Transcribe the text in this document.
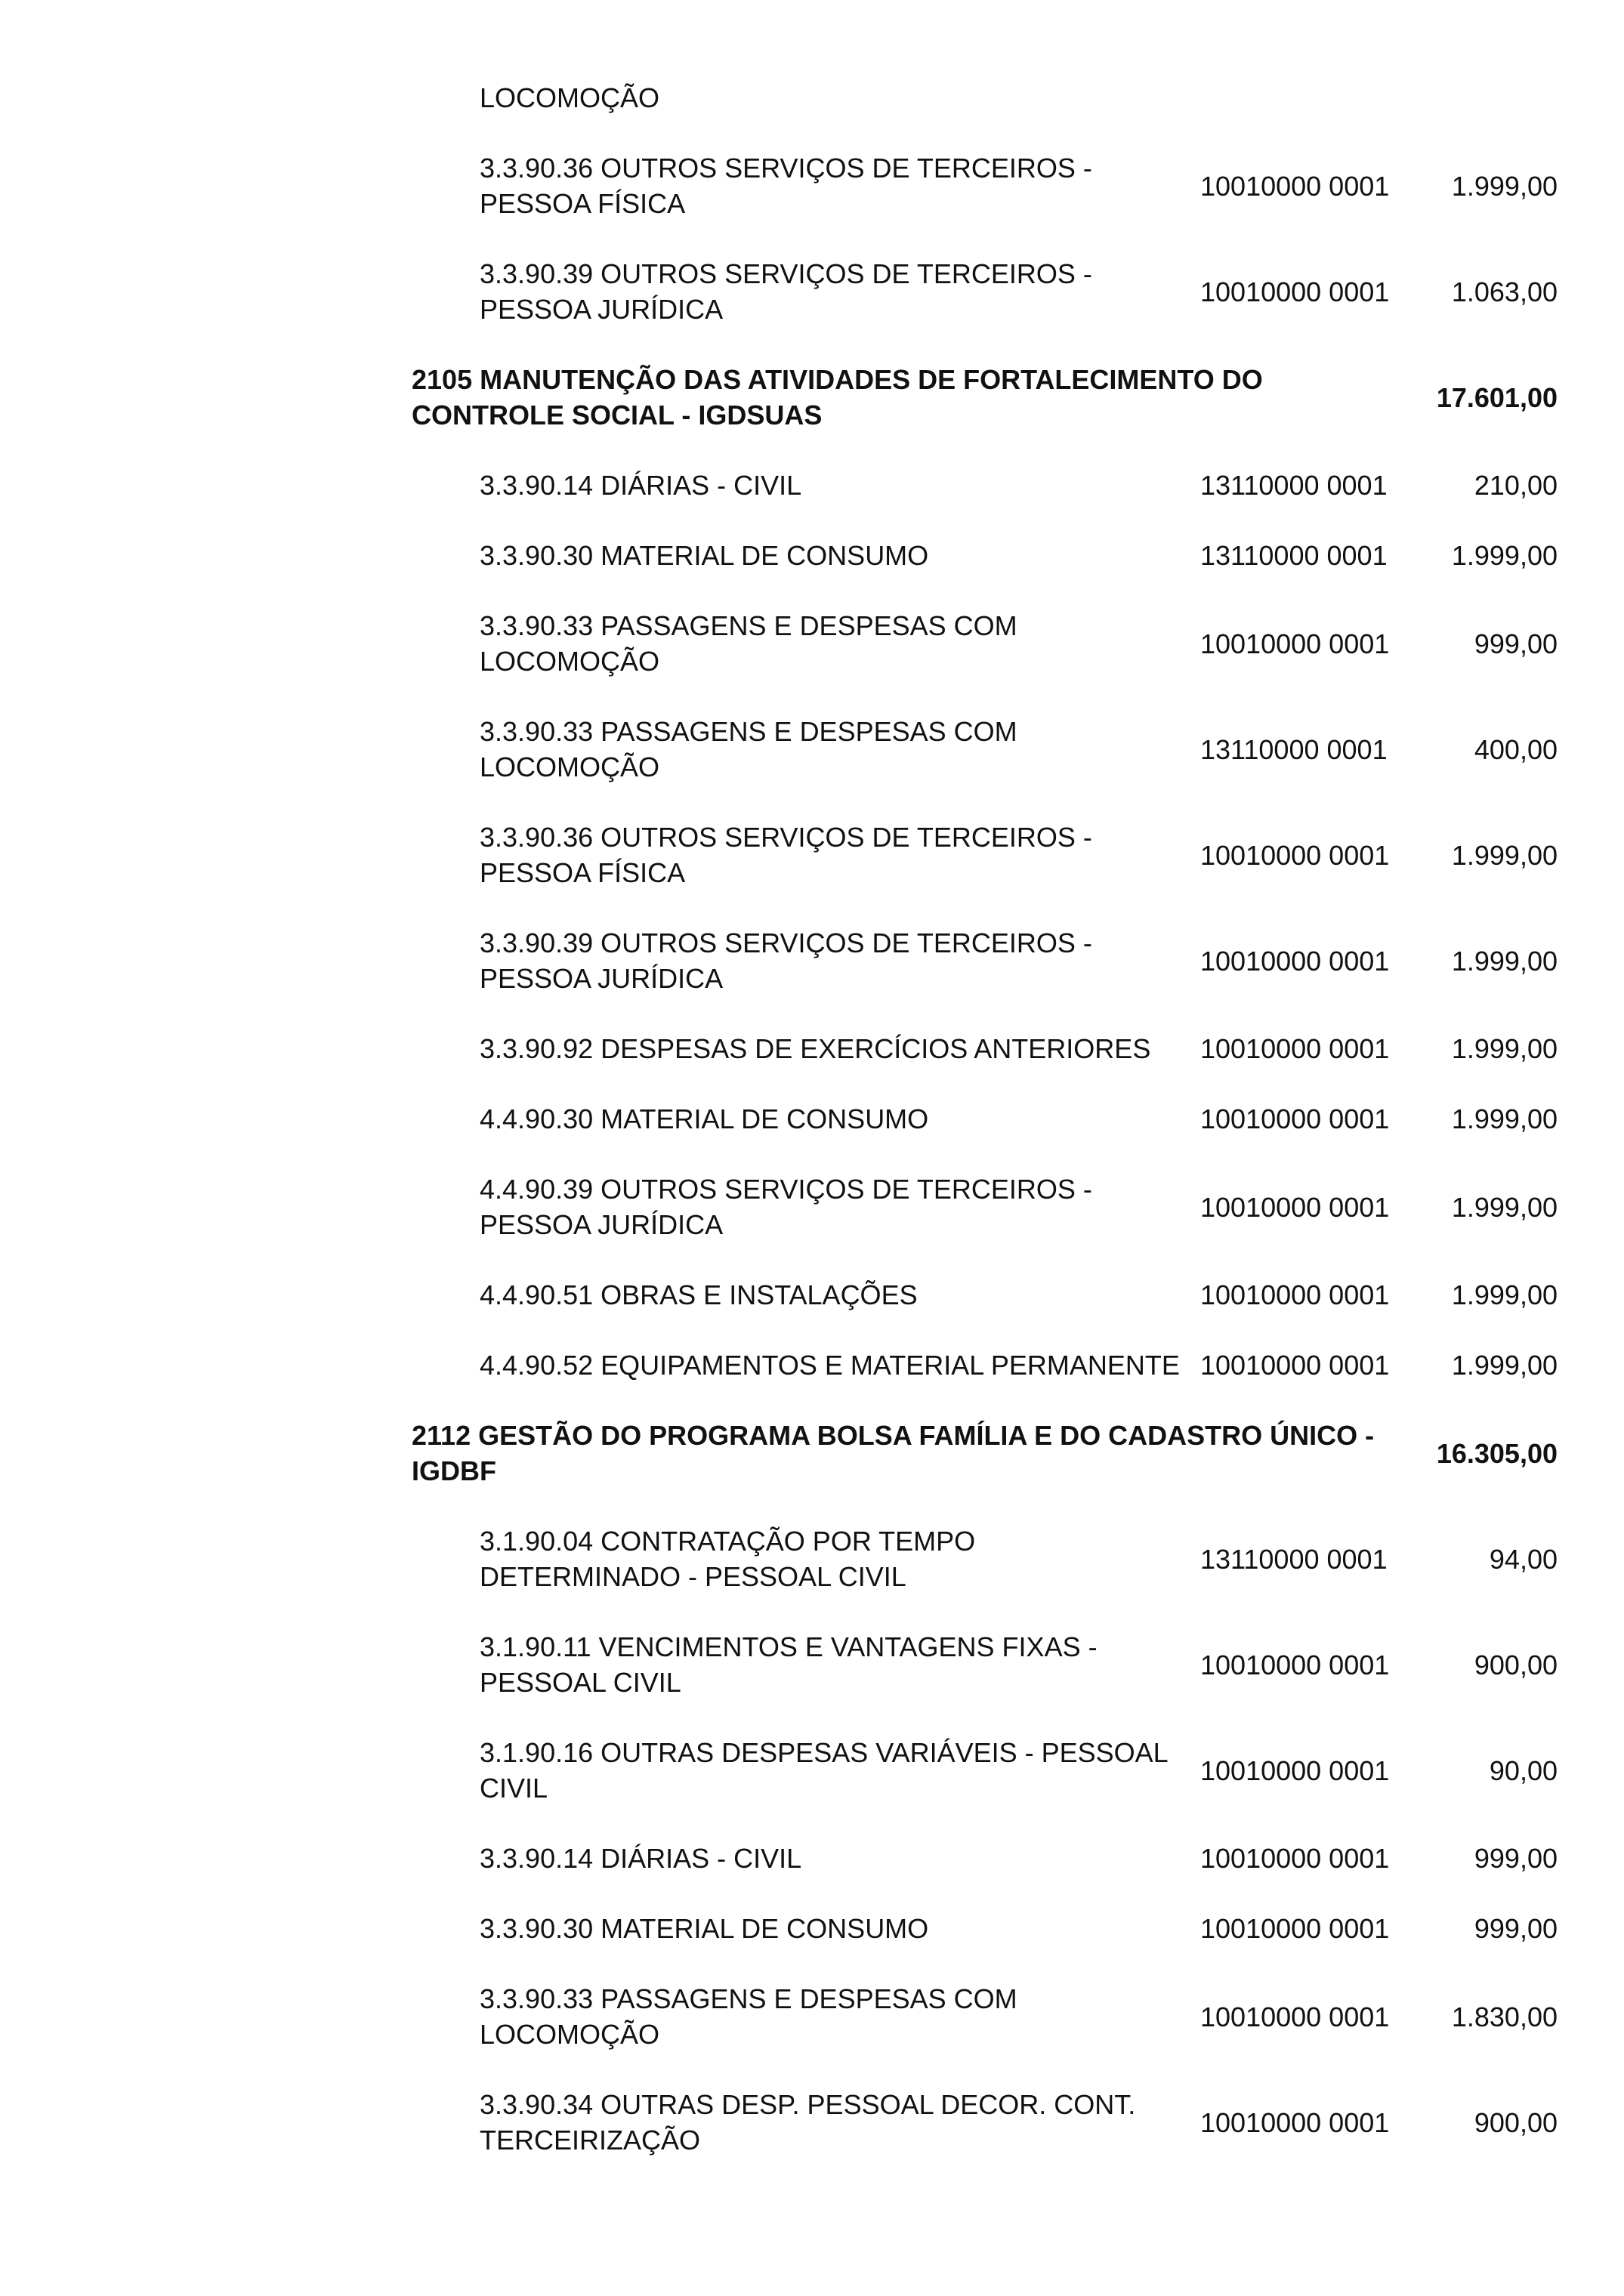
LOCOMOÇÃO
3.3.90.36 OUTROS SERVIÇOS DE TERCEIROS -
PESSOA FÍSICA
10010000 0001	1.999,00
3.3.90.39 OUTROS SERVIÇOS DE TERCEIROS -
PESSOA JURÍDICA
10010000 0001	1.063,00
2105 MANUTENÇÃO DAS ATIVIDADES DE FORTALECIMENTO DO
CONTROLE SOCIAL - IGDSUAS
17.601,00
3.3.90.14 DIÁRIAS - CIVIL	13110000 0001	210,00
3.3.90.30 MATERIAL DE CONSUMO	13110000 0001	1.999,00
3.3.90.33 PASSAGENS E DESPESAS COM
LOCOMOÇÃO
10010000 0001	999,00
3.3.90.33 PASSAGENS E DESPESAS COM
LOCOMOÇÃO
13110000 0001	400,00
3.3.90.36 OUTROS SERVIÇOS DE TERCEIROS -
PESSOA FÍSICA
10010000 0001	1.999,00
3.3.90.39 OUTROS SERVIÇOS DE TERCEIROS -
PESSOA JURÍDICA
10010000 0001	1.999,00
3.3.90.92 DESPESAS DE EXERCÍCIOS ANTERIORES	10010000 0001	1.999,00
4.4.90.30 MATERIAL DE CONSUMO	10010000 0001	1.999,00
4.4.90.39 OUTROS SERVIÇOS DE TERCEIROS -
PESSOA JURÍDICA
10010000 0001	1.999,00
4.4.90.51 OBRAS E INSTALAÇÕES	10010000 0001	1.999,00
4.4.90.52 EQUIPAMENTOS E MATERIAL PERMANENTE 10010000 0001	1.999,00
2112 GESTÃO DO PROGRAMA BOLSA FAMÍLIA E DO CADASTRO ÚNICO -
IGDBF
16.305,00
3.1.90.04 CONTRATAÇÃO POR TEMPO
DETERMINADO - PESSOAL CIVIL
13110000 0001	94,00
3.1.90.11 VENCIMENTOS E VANTAGENS FIXAS -
PESSOAL CIVIL
10010000 0001	900,00
3.1.90.16 OUTRAS DESPESAS VARIÁVEIS - PESSOAL
CIVIL
10010000 0001	90,00
3.3.90.14 DIÁRIAS - CIVIL	10010000 0001	999,00
3.3.90.30 MATERIAL DE CONSUMO	10010000 0001	999,00
3.3.90.33 PASSAGENS E DESPESAS COM
LOCOMOÇÃO
10010000 0001	1.830,00
3.3.90.34 OUTRAS DESP. PESSOAL DECOR. CONT.
TERCEIRIZAÇÃO
10010000 0001	900,00
